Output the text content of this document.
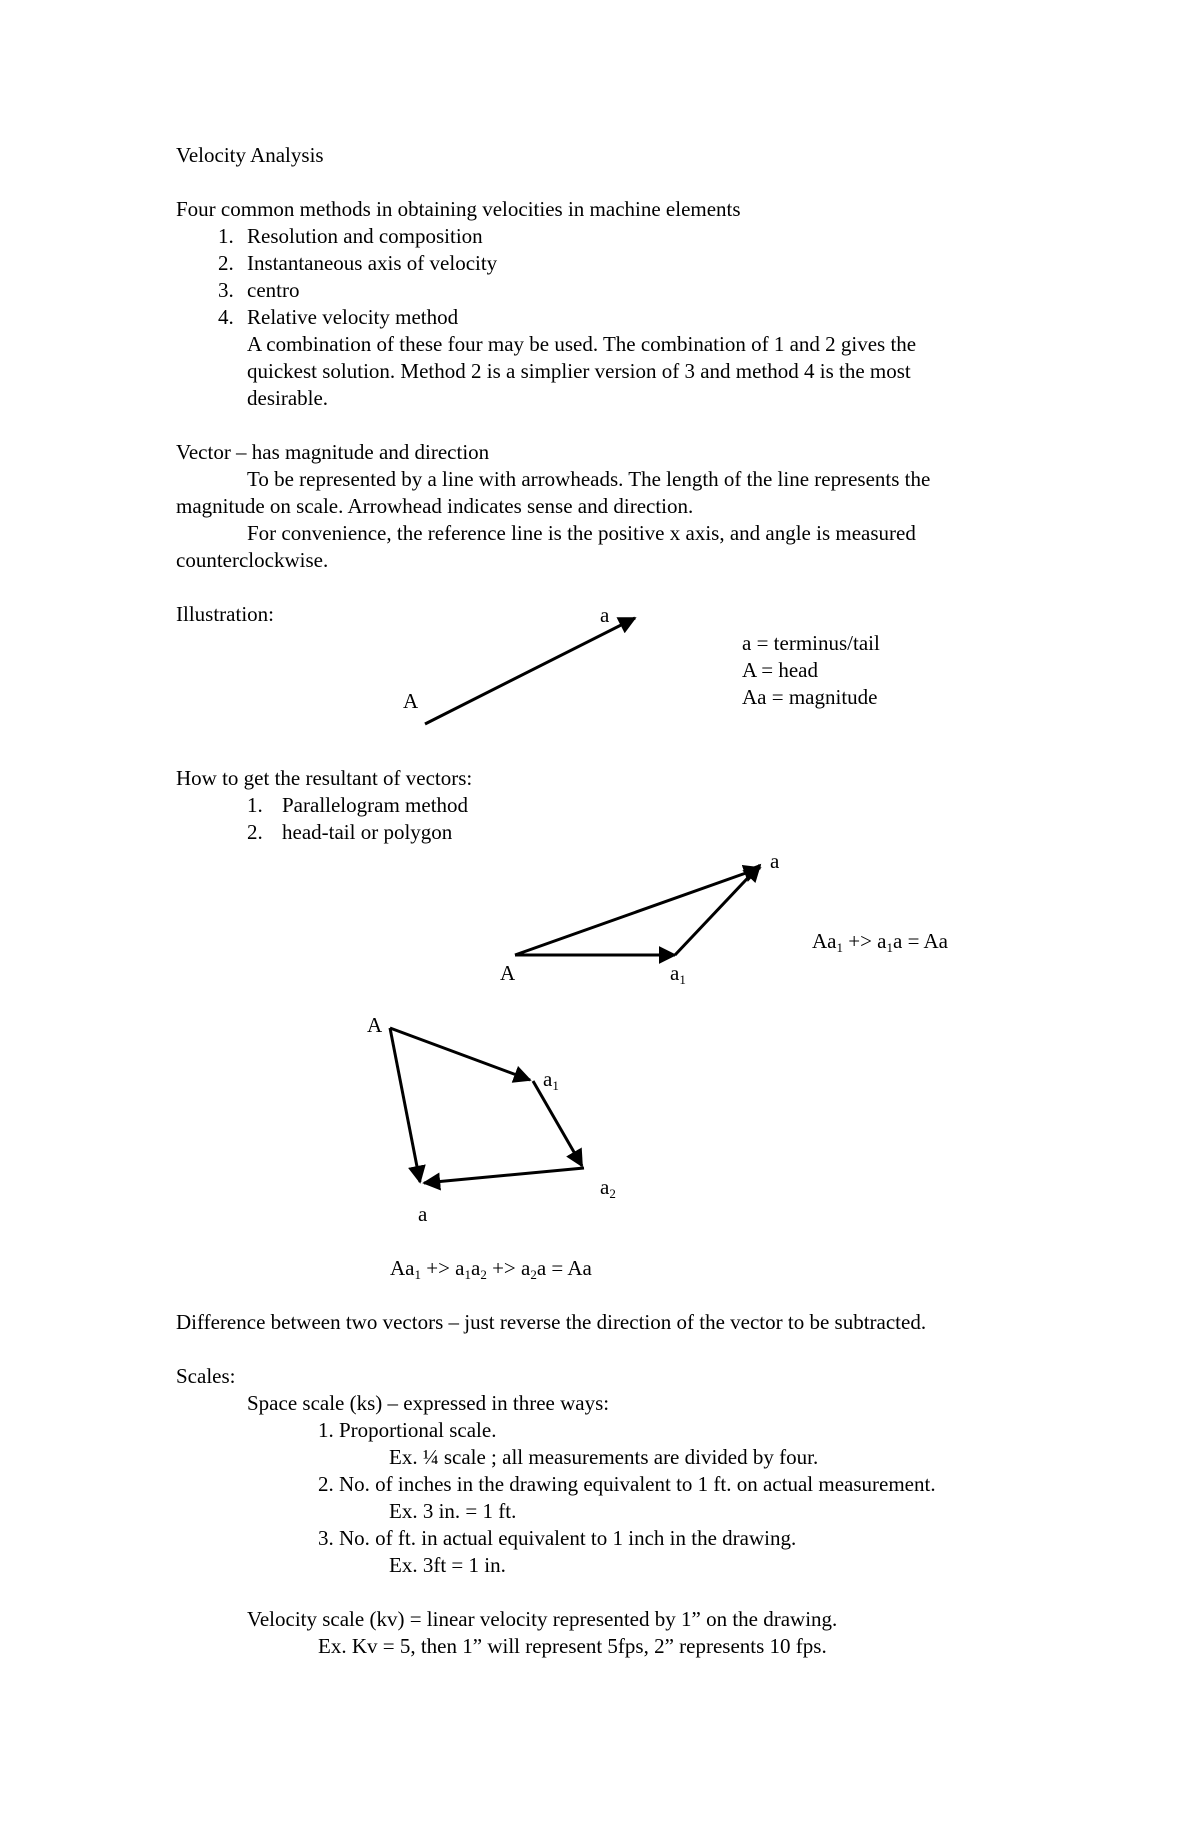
Velocity Analysis
Four common methods in obtaining velocities in machine elements
1. Resolution and composition
2. Instantaneous axis of velocity
3. centro
4. Relative velocity method
A combination of these four may be used. The combination of 1 and 2 gives the
quickest solution. Method 2 is a simplier version of 3 and method 4 is the most
desirable.
Vector – has magnitude and direction
To be represented by a line with arrowheads. The length of the line represents the
magnitude on scale. Arrowhead indicates sense and direction.
For convenience, the reference line is the positive x axis, and angle is measured
counterclockwise.
Illustration:
A
a
a = terminus/tail
A = head
Aa = magnitude
How to get the resultant of vectors:
1. Parallelogram method
2. head-tail or polygon
a
A	$a_1$
$Aa_1 +> a_1a = Aa$
A
$a_1$
$a_2$
a
$Aa_1 +> a_1a_2 +> a_2a = Aa$
Difference between two vectors – just reverse the direction of the vector to be subtracted.
Scales:
Space scale (ks) – expressed in three ways:
1. Proportional scale.
Ex. ¼ scale ; all measurements are divided by four.
2. No. of inches in the drawing equivalent to 1 ft. on actual measurement.
Ex. 3 in. = 1 ft.
3. No. of ft. in actual equivalent to 1 inch in the drawing.
Ex. 3ft = 1 in.
Velocity scale (kv) = linear velocity represented by 1” on the drawing.
Ex. Kv = 5, then 1” will represent 5fps, 2” represents 10 fps.
